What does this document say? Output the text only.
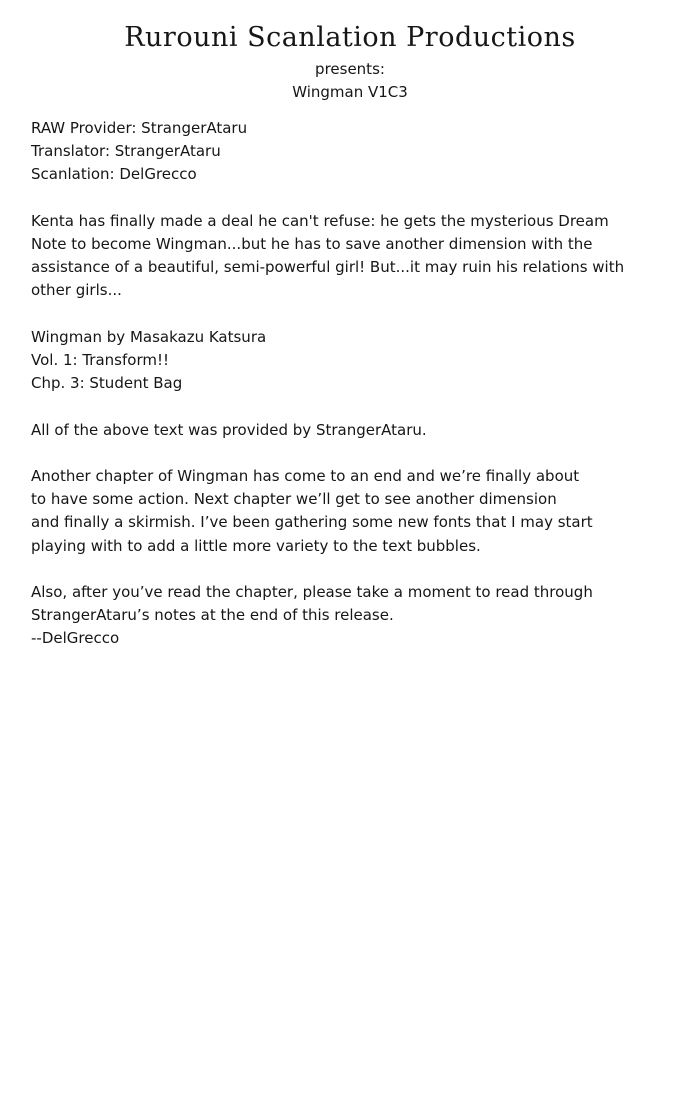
Rurouni Scanlation Productions
presents:
Wingman V1C3

RAW Provider: StrangerAtaru
Translator: StrangerAtaru
Scanlation: DelGrecco

Kenta has finally made a deal he can't refuse: he gets the mysterious Dream
Note to become Wingman...but he has to save another dimension with the
assistance of a beautiful, semi-powerful girl! But...it may ruin his relations with
other girls...

Wingman by Masakazu Katsura
Vol. 1: Transform!!
Chp. 3: Student Bag

All of the above text was provided by StrangerAtaru.

Another chapter of Wingman has come to an end and we’re finally about
to have some action. Next chapter we’ll get to see another dimension
and finally a skirmish. I’ve been gathering some new fonts that I may start
playing with to add a little more variety to the text bubbles.

Also, after you’ve read the chapter, please take a moment to read through
StrangerAtaru’s notes at the end of this release.
--DelGrecco
